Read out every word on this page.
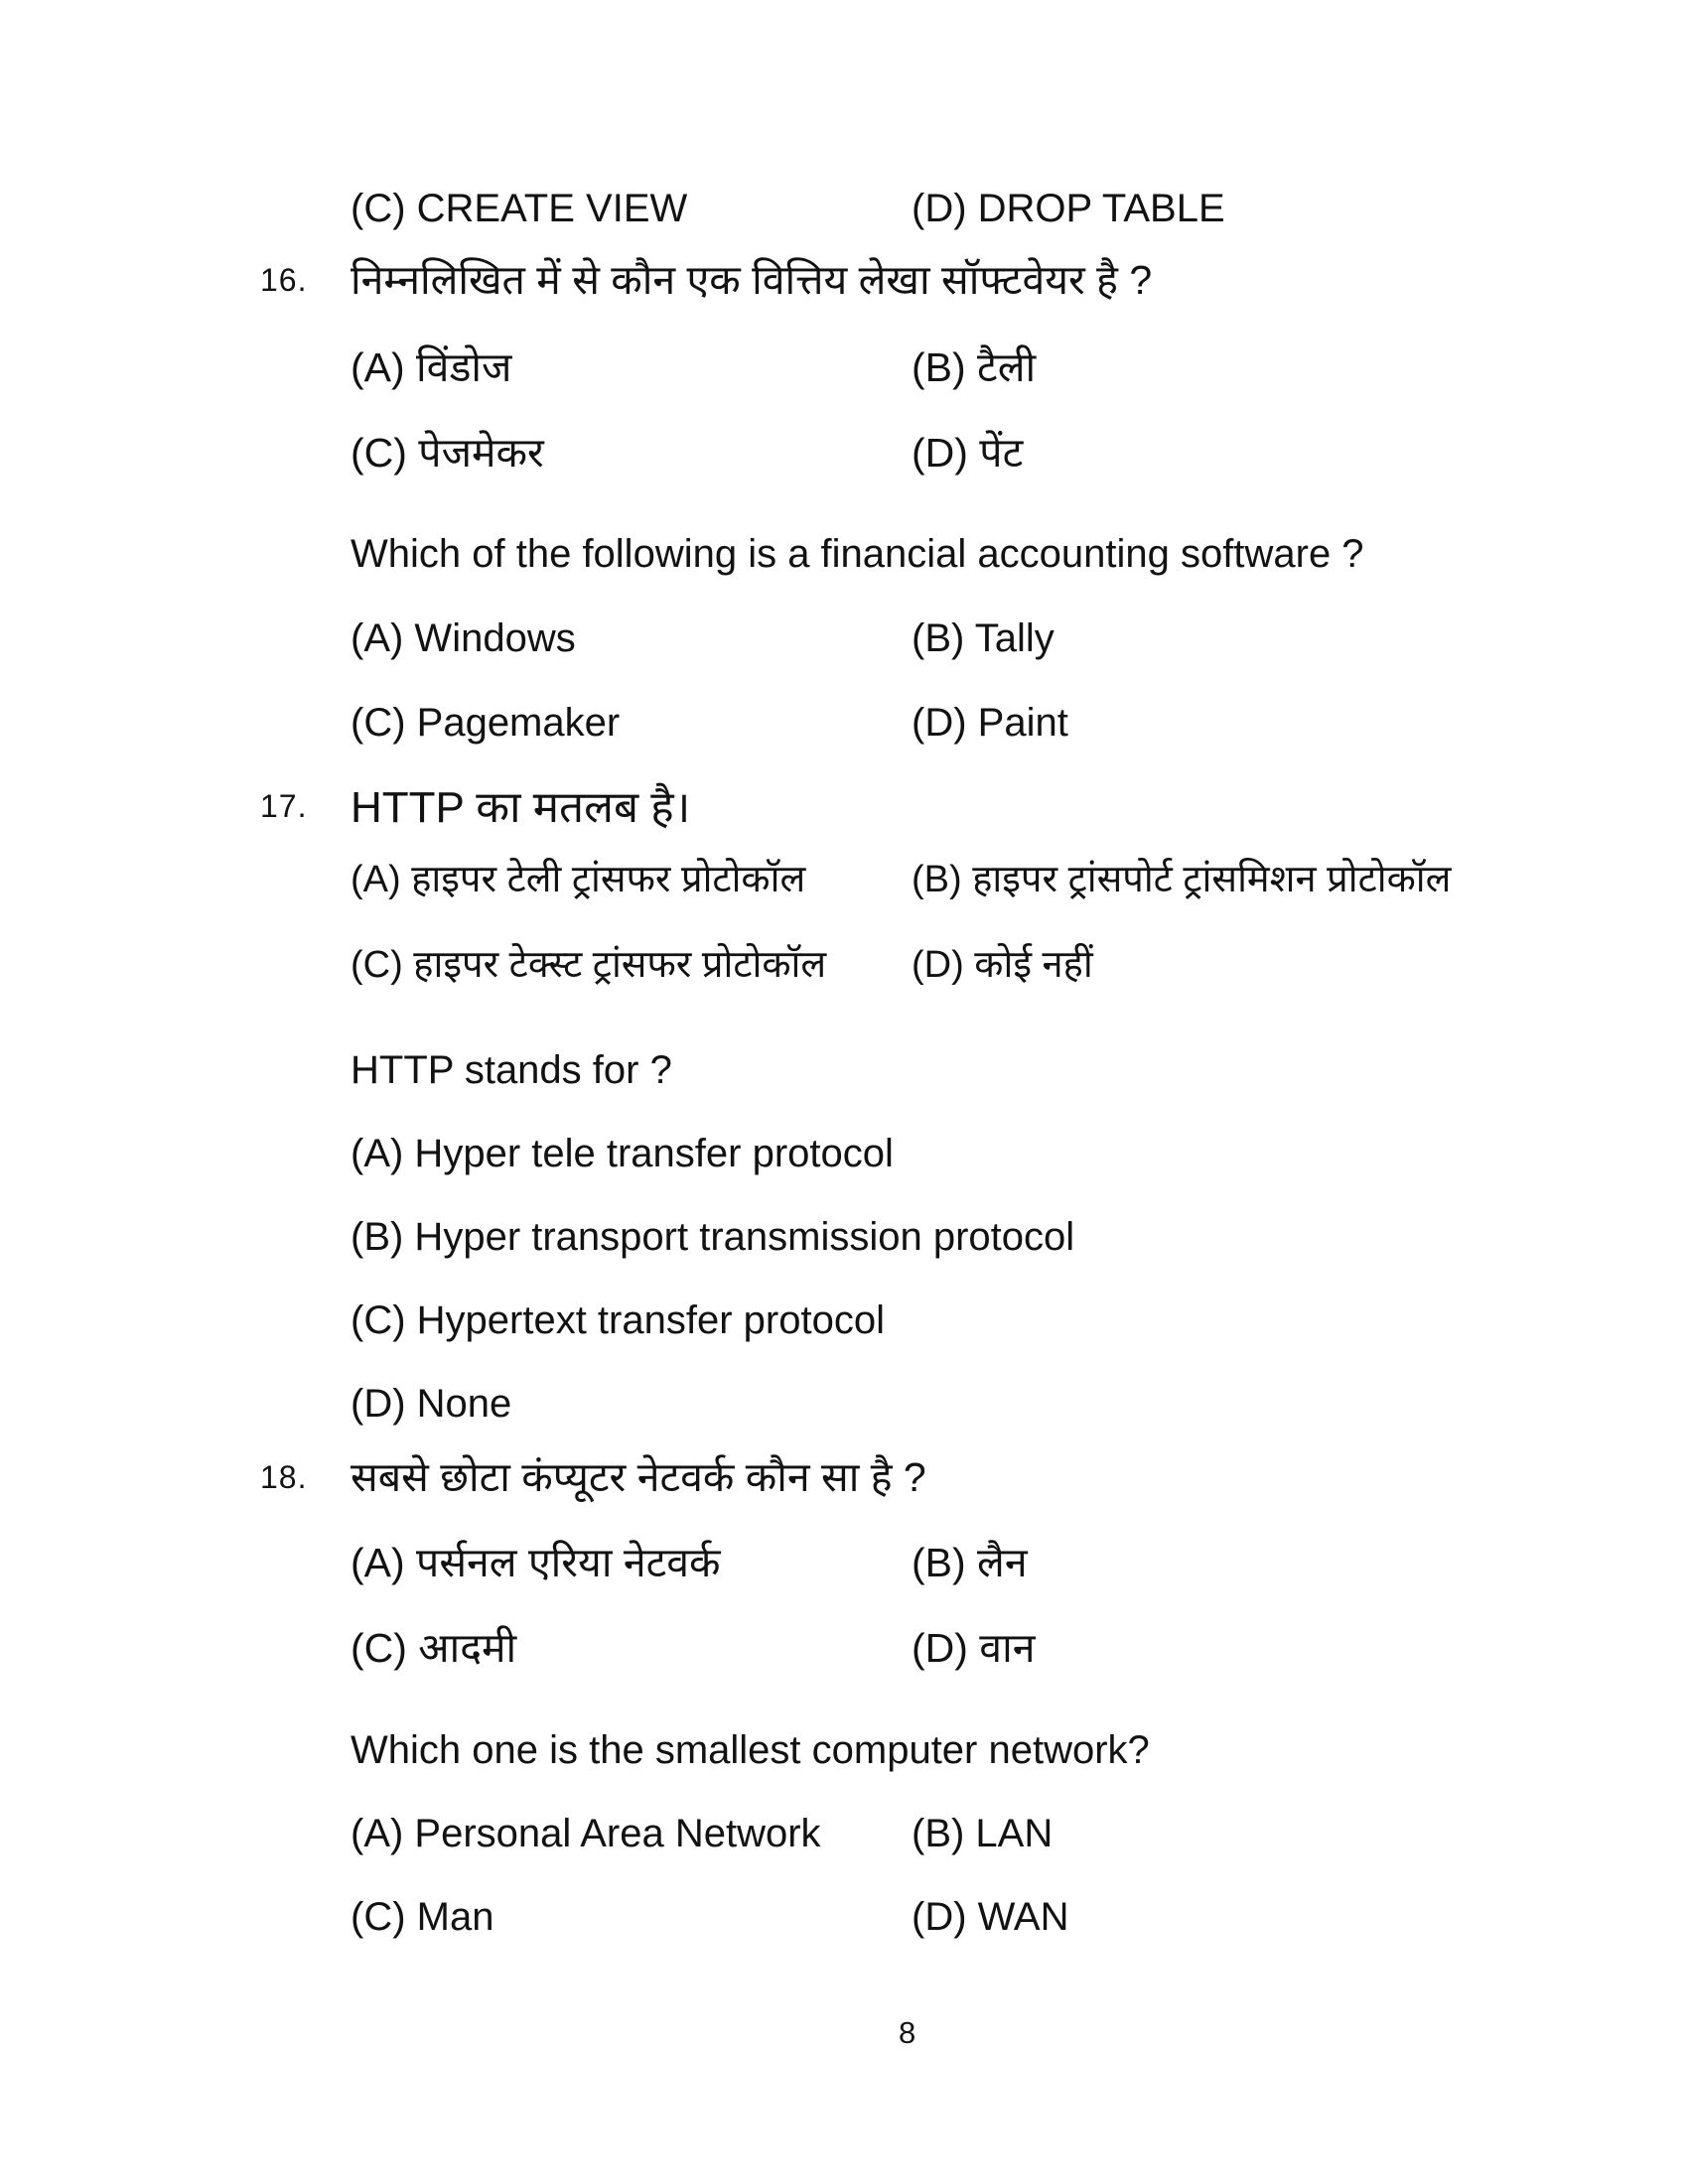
(C) CREATE VIEW	(D) DROP TABLE
16. निम्नलिखित में से कौन एक वित्तिय लेखा सॉफ्टवेयर है ?
(A) विंडोज	(B) टैली
(C) पेजमेकर	(D) पेंट
Which of the following is a financial accounting software ?
(A) Windows	(B) Tally
(C) Pagemaker	(D) Paint
17. HTTP का मतलब है।
(A) हाइपर टेली ट्रांसफर प्रोटोकॉल	(B) हाइपर ट्रांसपोर्ट ट्रांसमिशन प्रोटोकॉल
(C) हाइपर टेक्स्ट ट्रांसफर प्रोटोकॉल (D) कोई नहीं
HTTP stands for ?
(A) Hyper tele transfer protocol
(B) Hyper transport transmission protocol
(C) Hypertext transfer protocol
(D) None
18. सबसे छोटा कंप्यूटर नेटवर्क कौन सा है ?
(A) पर्सनल एरिया नेटवर्क	(B) लैन
(C) आदमी	(D) वान
Which one is the smallest computer network?
(A) Personal Area Network (B) LAN
(C) Man	(D) WAN
8
